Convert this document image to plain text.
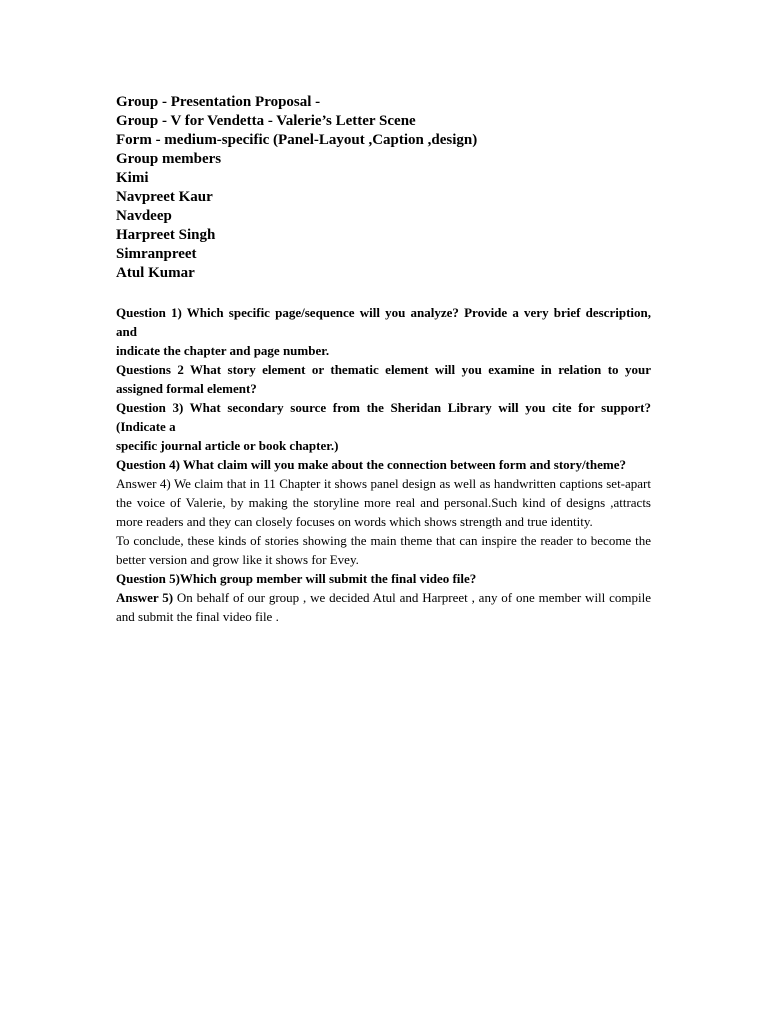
Group - Presentation Proposal -
Group - V for Vendetta - Valerie’s Letter Scene
Form - medium-specific (Panel-Layout ,Caption ,design)
Group members
Kimi
Navpreet Kaur
Navdeep
Harpreet Singh
Simranpreet
Atul Kumar

Question 1) Which specific page/sequence will you analyze? Provide a very brief description, and

indicate the chapter and page number.

Questions 2 What story element or thematic element will you examine in relation to your assigned formal element?

Question 3) What secondary source from the Sheridan Library will you cite for support? (Indicate a

specific journal article or book chapter.)

Question 4) What claim will you make about the connection between form and story/theme?

Answer 4) We claim that in 11 Chapter it shows panel design as well as handwritten captions set-apart the voice of Valerie, by making the storyline more real and personal.Such kind of designs ,attracts more readers and they can closely focuses on words which shows strength and true identity.

To conclude, these kinds of stories showing the main theme that can inspire the reader to become the better version and grow like it shows for Evey.

Question 5)Which group member will submit the final video file?

Answer 5) On behalf of our group , we decided Atul and Harpreet , any of one member will compile and submit the final video file .
